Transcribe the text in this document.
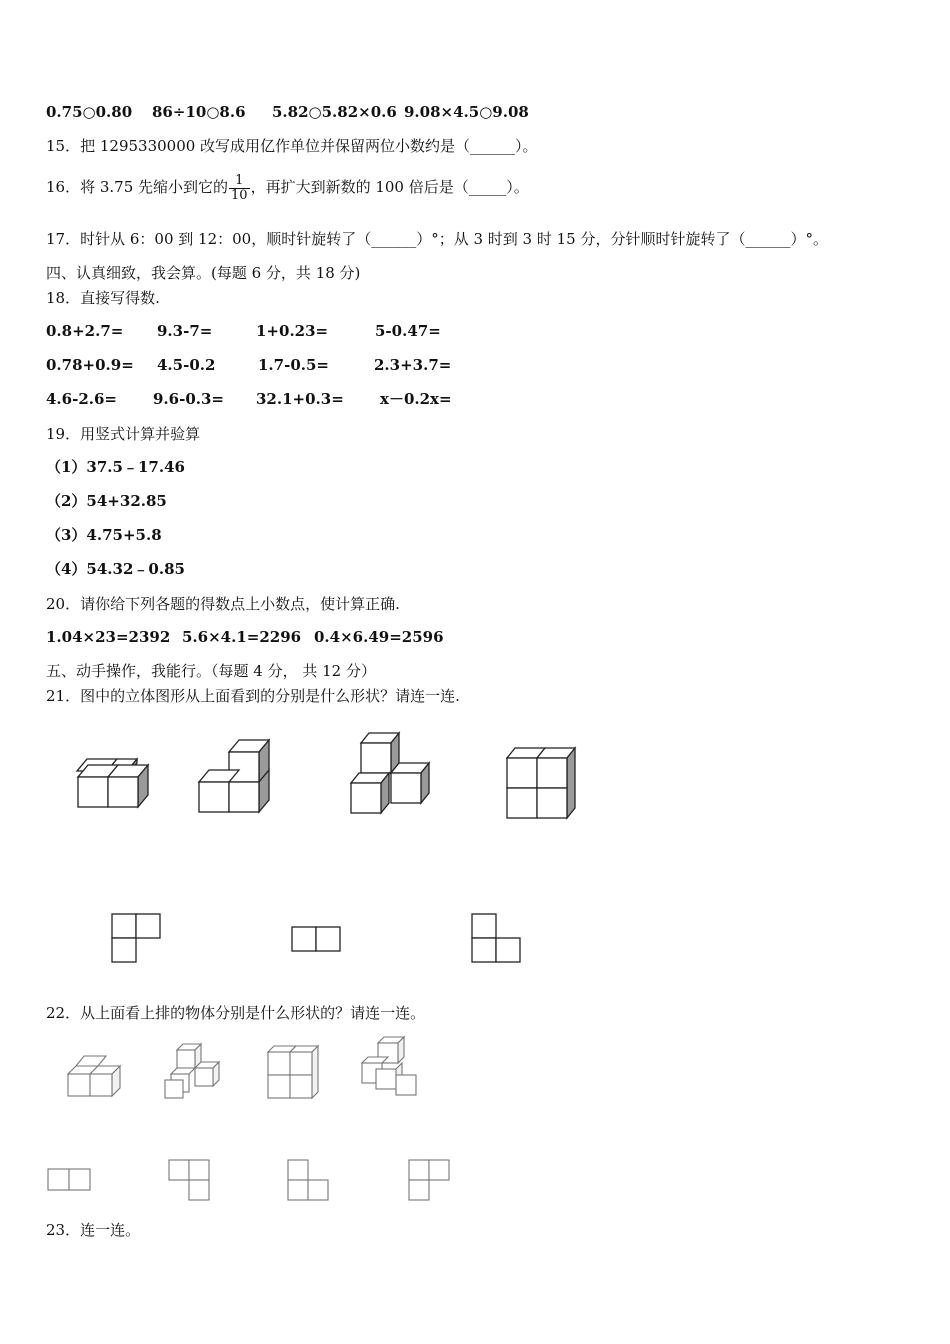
0.75○0.80 86÷10○8.6 5.82○5.82×0.6 9.08×4.5○9.08
15．把 1295330000 改写成用亿作单位并保留两位小数约是（______）。
16．将 3.75 先缩小到它的 $\frac{1}{10}$ ，再扩大到新数的 100 倍后是（_____）。
17．时针从 6：00 到 12：00，顺时针旋转了（______）°；从 3 时到 3 时 15 分，分针顺时针旋转了（______）°。
四、认真细致，我会算。(每题 6 分，共 18 分)
18．直接写得数.
0.8+2.7= 9.3-7=	1+0.23=	5-0.47=
0.78+0.9= 4.5-0.2	1.7-0.5=	2.3+3.7=
4.6-2.6= 9.6-0.3= 32.1+0.3= x－0.2x=
19．用竖式计算并验算
（1）37.5﹣17.46
（2）54+32.85
（3）4.75+5.8
（4）54.32﹣0.85
20．请你给下列各题的得数点上小数点，使计算正确.
1.04×23=2392 5.6×4.1=2296 0.4×6.49=2596
五、动手操作，我能行。（每题 4 分， 共 12 分）
21．图中的立体图形从上面看到的分别是什么形状？请连一连.
22．从上面看上排的物体分别是什么形状的？请连一连。
23．连一连。
